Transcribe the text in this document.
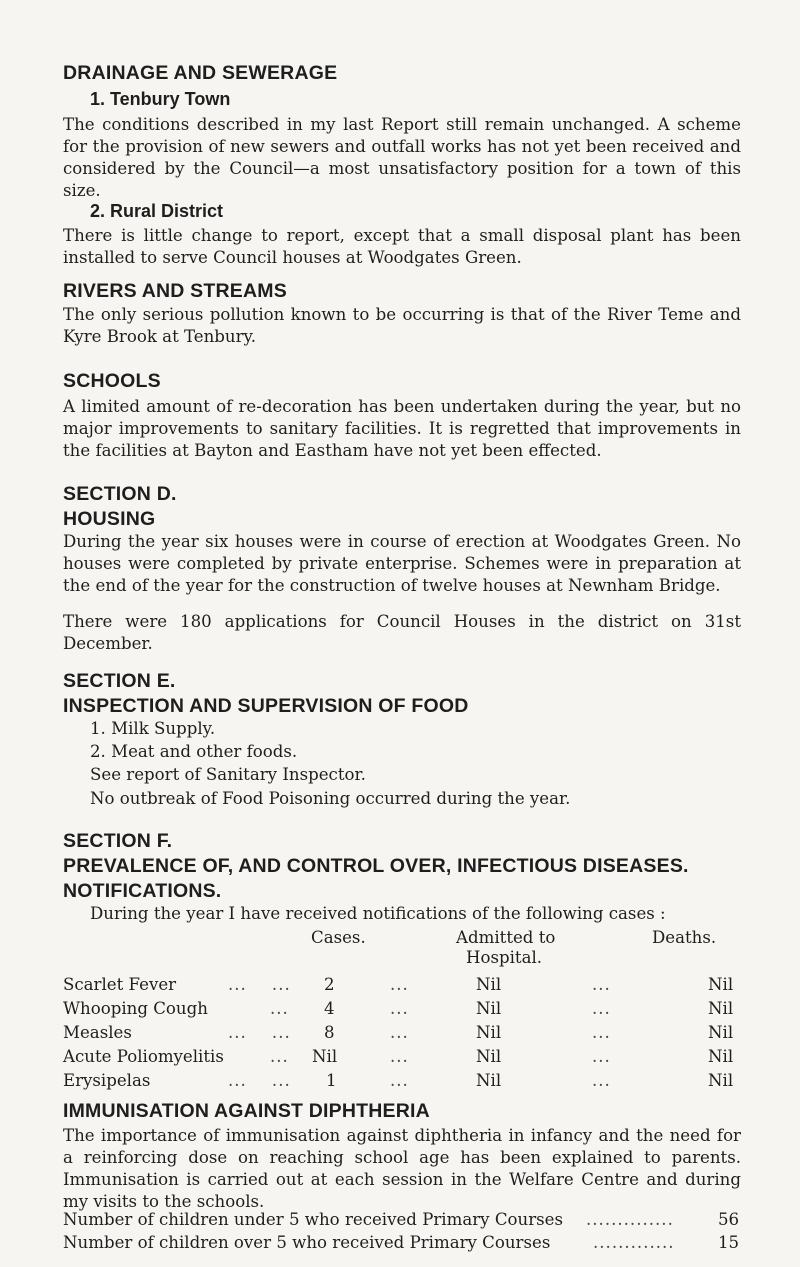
DRAINAGE AND SEWERAGE
1. Tenbury Town
The conditions described in my last Report still remain unchanged. A scheme for the provision of new sewers and outfall works has not yet been received and considered by the Council—a most unsatisfactory position for a town of this size.
2. Rural District
There is little change to report, except that a small disposal plant has been installed to serve Council houses at Woodgates Green.
RIVERS AND STREAMS
The only serious pollution known to be occurring is that of the River Teme and Kyre Brook at Tenbury.
SCHOOLS
A limited amount of re-decoration has been undertaken during the year, but no major improvements to sanitary facilities. It is regretted that improvements in the facilities at Bayton and Eastham have not yet been effected.
SECTION D.
HOUSING
During the year six houses were in course of erection at Woodgates Green. No houses were completed by private enterprise. Schemes were in preparation at the end of the year for the construction of twelve houses at Newnham Bridge.
There were 180 applications for Council Houses in the district on 31st December.
SECTION E.
INSPECTION AND SUPERVISION OF FOOD
1. Milk Supply.
2. Meat and other foods.
See report of Sanitary Inspector.
No outbreak of Food Poisoning occurred during the year.
SECTION F.
PREVALENCE OF, AND CONTROL OVER, INFECTIOUS DISEASES.
NOTIFICATIONS.
During the year I have received notifications of the following cases :
Cases.	Admitted to
Hospital.
Deaths.
Scarlet Fever	...    ... 2	...	Nil	...	Nil
Whooping Cough	... 4	...	Nil	...	Nil
Measles	...    ... 8	...	Nil	...	Nil
Acute Poliomyelitis	... Nil	...	Nil	...	Nil
Erysipelas	...    ... 1	...	Nil	...	Nil
IMMUNISATION AGAINST DIPHTHERIA
The importance of immunisation against diphtheria in infancy and the need for a reinforcing dose on reaching school age has been explained to parents. Immunisation is carried out at each session in the Welfare Centre and during my visits to the schools.
Number of children under 5 who received Primary Courses ..............	56
Number of children over 5 who received Primary Courses	.............	15
